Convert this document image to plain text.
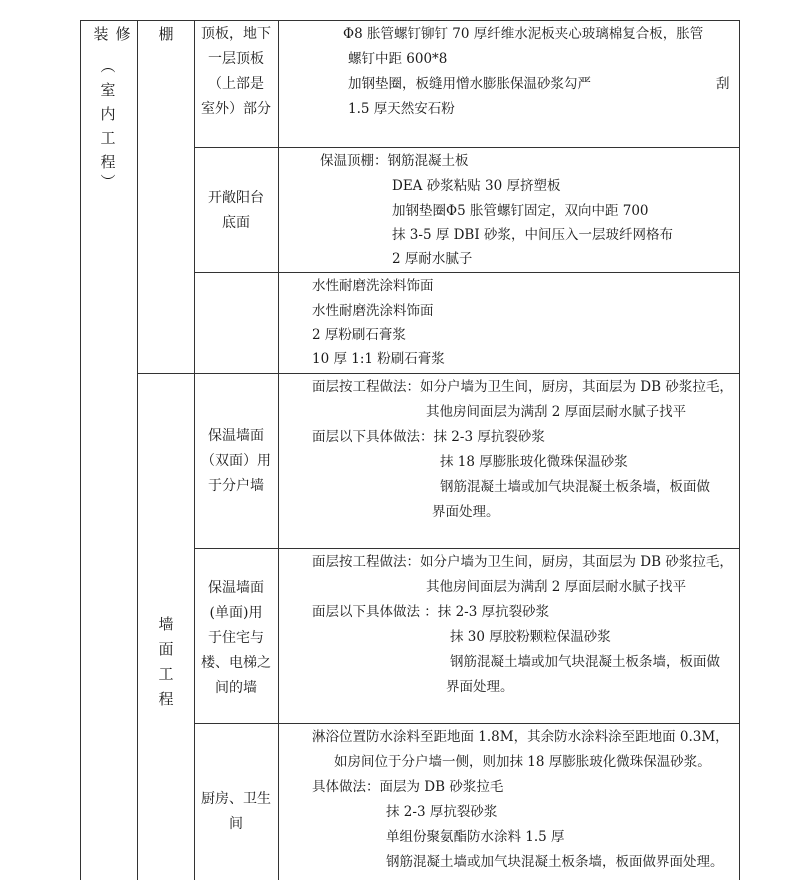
装 修
︵
室
内
工
程
︶
棚
墙
面
工
程
顶板，地下
一层顶板
（上部是
室外）部分
Φ8 胀管螺钉铆钉 70 厚纤维水泥板夹心玻璃棉复合板，胀管
螺钉中距 600*8
加钢垫圈，板缝用憎水膨胀保温砂浆勾严	刮
1.5 厚天然安石粉
开敞阳台
底面
保温顶棚：钢筋混凝土板
DEA 砂浆粘贴 30 厚挤塑板
加钢垫圈Φ5 胀管螺钉固定，双向中距 700
抹 3-5 厚 DBI 砂浆，中间压入一层玻纤网格布
2 厚耐水腻子
水性耐磨洗涂料饰面
水性耐磨洗涂料饰面
2 厚粉刷石膏浆
10 厚 1:1 粉刷石膏浆
保温墙面
（双面）用
于分户墙
面层按工程做法：如分户墙为卫生间，厨房，其面层为 DB 砂浆拉毛，
其他房间面层为满刮 2 厚面层耐水腻子找平
面层以下具体做法：抹 2-3 厚抗裂砂浆
抹 18 厚膨胀玻化微珠保温砂浆
钢筋混凝土墙或加气块混凝土板条墙，板面做
界面处理。
保温墙面
(单面)用
于住宅与
楼、电梯之
间的墙
面层按工程做法：如分户墙为卫生间，厨房，其面层为 DB 砂浆拉毛，
其他房间面层为满刮 2 厚面层耐水腻子找平
面层以下具体做法 ：抹 2-3 厚抗裂砂浆
抹 30 厚胶粉颗粒保温砂浆
钢筋混凝土墙或加气块混凝土板条墙，板面做
界面处理。
厨房、卫生
间
淋浴位置防水涂料至距地面 1.8M，其余防水涂料涂至距地面 0.3M，
如房间位于分户墙一侧，则加抹 18 厚膨胀玻化微珠保温砂浆。
具体做法：面层为 DB 砂浆拉毛
抹 2-3 厚抗裂砂浆
单组份聚氨酯防水涂料 1.5 厚
钢筋混凝土墙或加气块混凝土板条墙，板面做界面处理。
